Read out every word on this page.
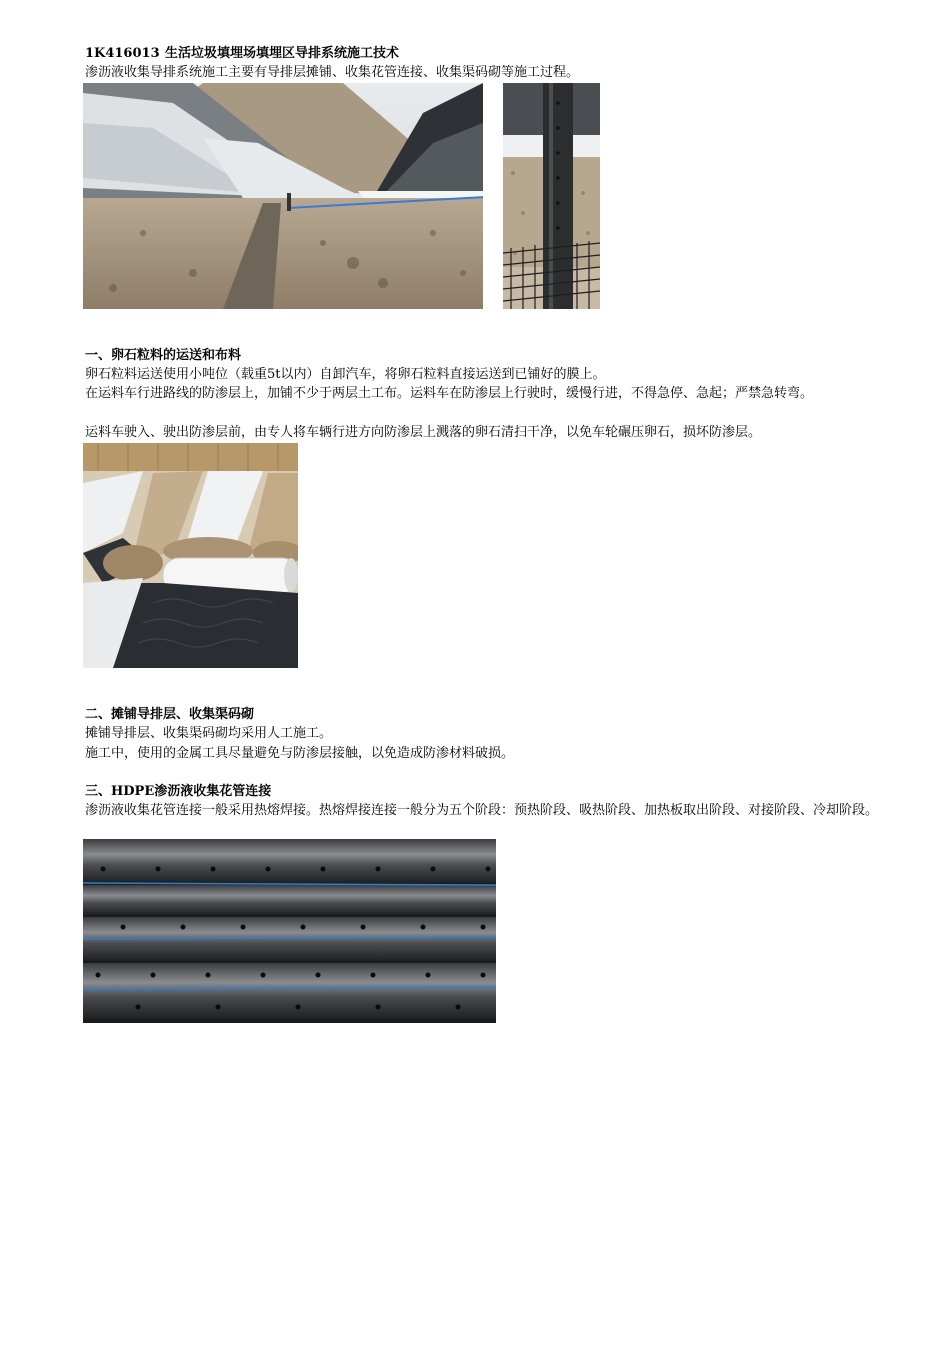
1K416013 生活垃圾填埋场填埋区导排系统施工技术
渗沥液收集导排系统施工主要有导排层摊铺、收集花管连接、收集渠码砌等施工过程。
一、卵石粒料的运送和布料
卵石粒料运送使用小吨位（载重5t以内）自卸汽车，将卵石粒料直接运送到已铺好的膜上。
在运料车行进路线的防渗层上，加铺不少于两层土工布。运料车在防渗层上行驶时，缓慢行进，不得急停、急起；严禁急转弯。
运料车驶入、驶出防渗层前，由专人将车辆行进方向防渗层上溅落的卵石清扫干净，以免车轮碾压卵石，损坏防渗层。
二、摊铺导排层、收集渠码砌
摊铺导排层、收集渠码砌均采用人工施工。
施工中，使用的金属工具尽量避免与防渗层接触，以免造成防渗材料破损。
三、HDPE渗沥液收集花管连接
渗沥液收集花管连接一般采用热熔焊接。热熔焊接连接一般分为五个阶段：预热阶段、吸热阶段、加热板取出阶段、对接阶段、冷却阶段。
